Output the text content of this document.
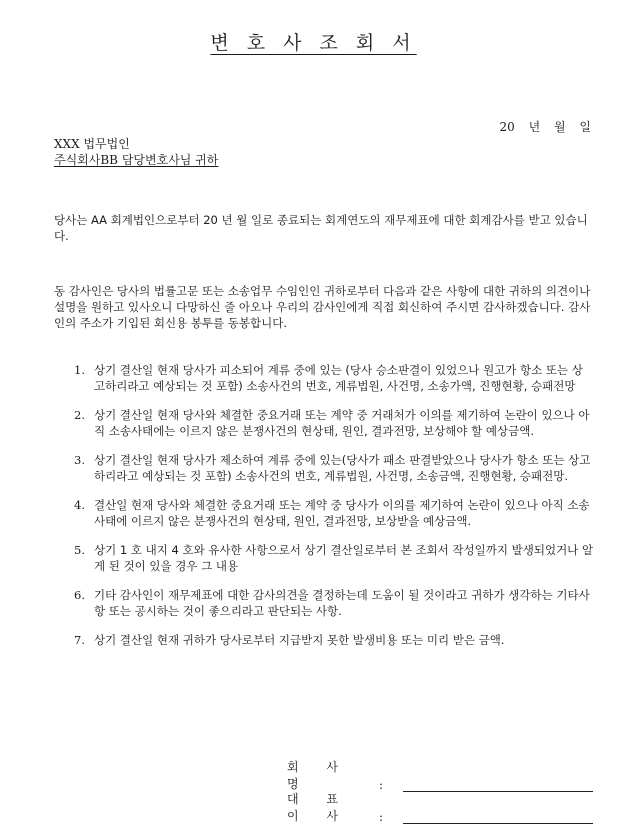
변 호 사 조 회 서
20 년 월 일
XXX 법무법인
주식회사BB 담당변호사님 귀하
당사는 AA 회계법인으로부터 20 년 월 일로 종료되는 회계연도의 재무제표에 대한 회계감사를 받고 있습니다.
동 감사인은 당사의 법률고문 또는 소송업무 수임인인 귀하로부터 다음과 같은 사항에 대한 귀하의 의견이나 설명을 원하고 있사오니 다망하신 줄 아오나 우리의 감사인에게 직접 회신하여 주시면 감사하겠습니다. 감사인의 주소가 기입된 회신용 봉투를 동봉합니다.
1. 상기 결산일 현재 당사가 피소되어 계류 중에 있는 (당사 승소판결이 있었으나 원고가 항소 또는 상고하리라고 예상되는 것 포함) 소송사건의 번호, 계류법원, 사건명, 소송가액, 진행현황, 승패전망
2. 상기 결산일 현재 당사와 체결한 중요거래 또는 계약 중 거래처가 이의를 제기하여 논란이 있으나 아직 소송사태에는 이르지 않은 분쟁사건의 현상태, 원인, 결과전망, 보상해야 할 예상금액.
3. 상기 결산일 현재 당사가 제소하여 계류 중에 있는(당사가 패소 판결받았으나 당사가 항소 또는 상고하리라고 예상되는 것 포함) 소송사건의 번호, 계류법원, 사건명, 소송금액, 진행현황, 승패전망.
4. 결산일 현재 당사와 체결한 중요거래 또는 계약 중 당사가 이의를 제기하여 논란이 있으나 아직 소송사태에 이르지 않은 분쟁사건의 현상태, 원인, 결과전망, 보상받을 예상금액.
5. 상기 1 호 내지 4 호와 유사한 사항으로서 상기 결산일로부터 본 조회서 작성일까지 발생되었거나 알게 된 것이 있을 경우 그 내용
6. 기타 감사인이 재무제표에 대한 감사의견을 결정하는데 도움이 될 것이라고 귀하가 생각하는 기타사항 또는 공시하는 것이 좋으리라고 판단되는 사항.
7. 상기 결산일 현재 귀하가 당사로부터 지급받지 못한 발생비용 또는 미리 받은 금액.
회 사 명	:
대 표 이 사	:
